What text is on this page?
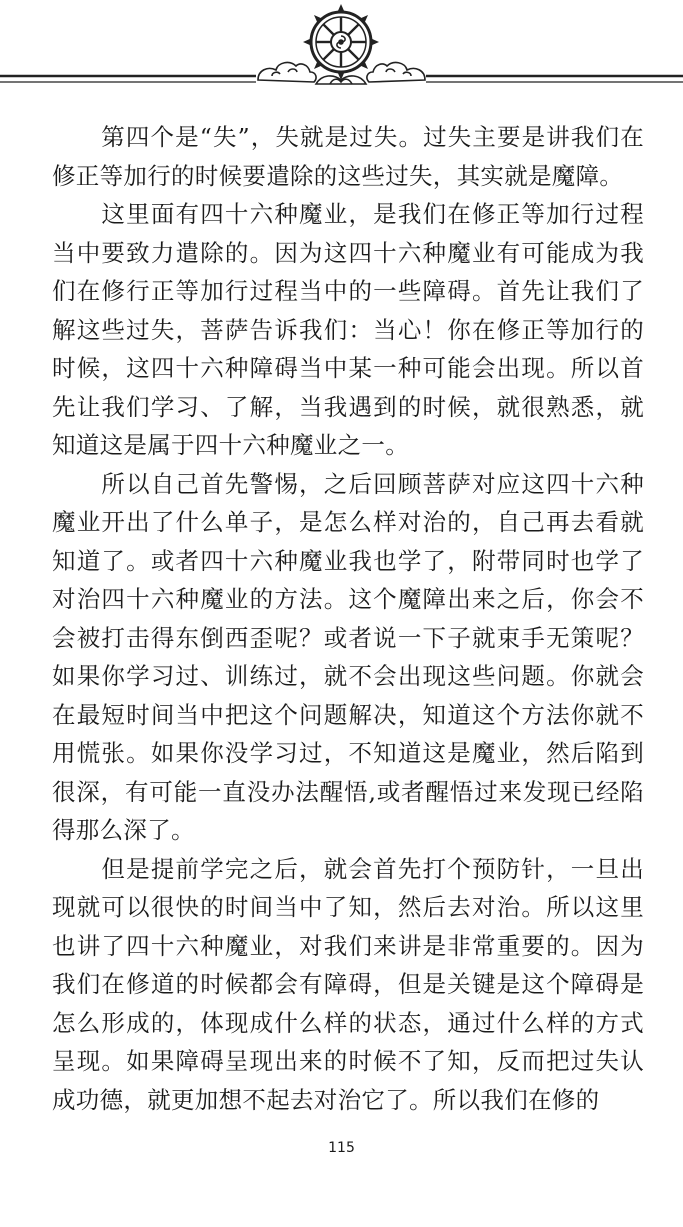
　　第四个是“失”，失就是过失。过失主要是讲我们在修正等加行的时候要遣除的这些过失，其实就是魔障。

　　这里面有四十六种魔业，是我们在修正等加行过程当中要致力遣除的。因为这四十六种魔业有可能成为我们在修行正等加行过程当中的一些障碍。首先让我们了解这些过失，菩萨告诉我们：当心！你在修正等加行的时候，这四十六种障碍当中某一种可能会出现。所以首先让我们学习、了解，当我遇到的时候，就很熟悉，就知道这是属于四十六种魔业之一。

　　所以自己首先警惕，之后回顾菩萨对应这四十六种魔业开出了什么单子，是怎么样对治的，自己再去看就知道了。或者四十六种魔业我也学了，附带同时也学了对治四十六种魔业的方法。这个魔障出来之后，你会不会被打击得东倒西歪呢？或者说一下子就束手无策呢？如果你学习过、训练过，就不会出现这些问题。你就会在最短时间当中把这个问题解决，知道这个方法你就不用慌张。如果你没学习过，不知道这是魔业，然后陷到很深，有可能一直没办法醒悟,或者醒悟过来发现已经陷得那么深了。

　　但是提前学完之后，就会首先打个预防针，一旦出现就可以很快的时间当中了知，然后去对治。所以这里也讲了四十六种魔业，对我们来讲是非常重要的。因为我们在修道的时候都会有障碍，但是关键是这个障碍是怎么形成的，体现成什么样的状态，通过什么样的方式呈现。如果障碍呈现出来的时候不了知，反而把过失认成功德，就更加想不起去对治它了。所以我们在修的

115
